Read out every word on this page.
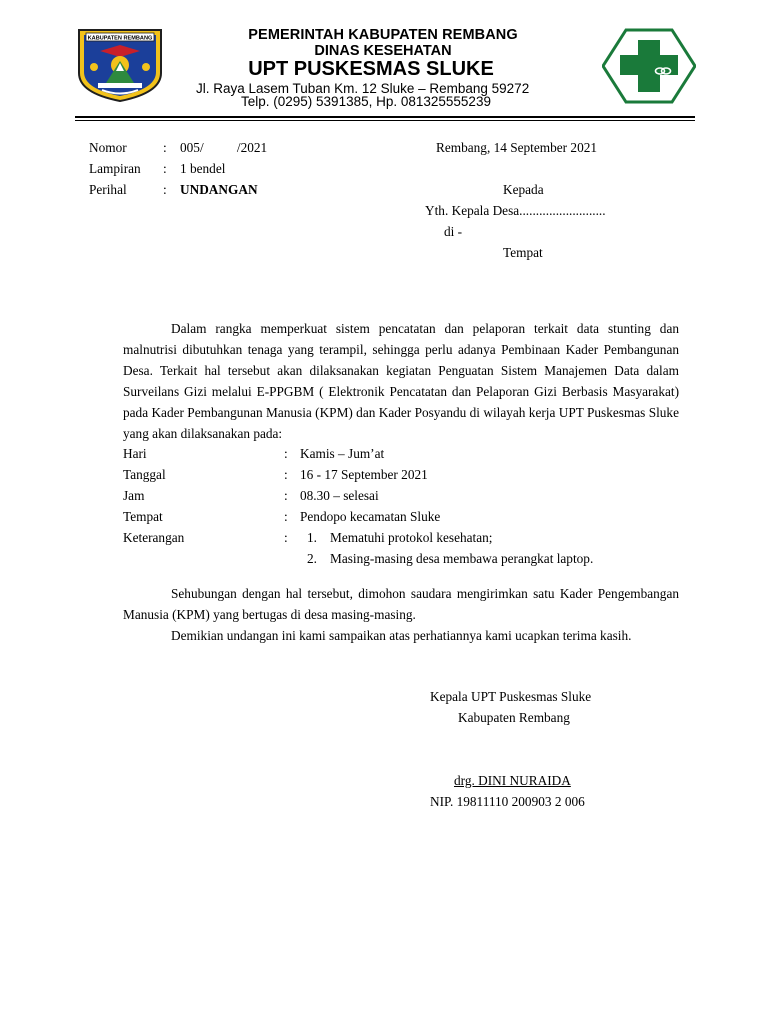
KABUPATEN REMBANG	PEMERINTAH KABUPATEN REMBANG
DINAS KESEHATAN
UPT PUSKESMAS SLUKE
Jl. Raya Lasem Tuban Km. 12 Sluke – Rembang 59272
Telp. (0295) 5391385, Hp. 081325555239
Nomor	: 005/          /2021
Lampiran : 1 bendel
Perihal	: UNDANGAN
Rembang, 14 September 2021
Kepada
Yth. Kepala Desa..........................
di -
Tempat
Dalam rangka memperkuat sistem pencatatan dan pelaporan terkait data stunting dan malnutrisi dibutuhkan tenaga yang terampil, sehingga perlu adanya Pembinaan Kader Pembangunan Desa. Terkait hal tersebut akan dilaksanakan kegiatan Penguatan Sistem Manajemen Data dalam Surveilans Gizi melalui E-PPGBM ( Elektronik Pencatatan dan Pelaporan Gizi Berbasis Masyarakat) pada Kader Pembangunan Manusia (KPM) dan Kader Posyandu di wilayah kerja UPT Puskesmas Sluke yang akan dilaksanakan pada:
Hari	: Kamis – Jum’at
Tanggal	: 16 - 17 September 2021
Jam	: 08.30 – selesai
Tempat	: Pendopo kecamatan Sluke
Keterangan	: 1. Mematuhi protokol kesehatan;
2. Masing-masing desa membawa perangkat laptop.
Sehubungan dengan hal tersebut, dimohon saudara mengirimkan satu Kader Pengembangan Manusia (KPM) yang bertugas di desa masing-masing.
Demikian undangan ini kami sampaikan atas perhatiannya kami ucapkan terima kasih.
Kepala UPT Puskesmas Sluke
Kabupaten Rembang
drg. DINI NURAIDA
NIP. 19811110 200903 2 006
